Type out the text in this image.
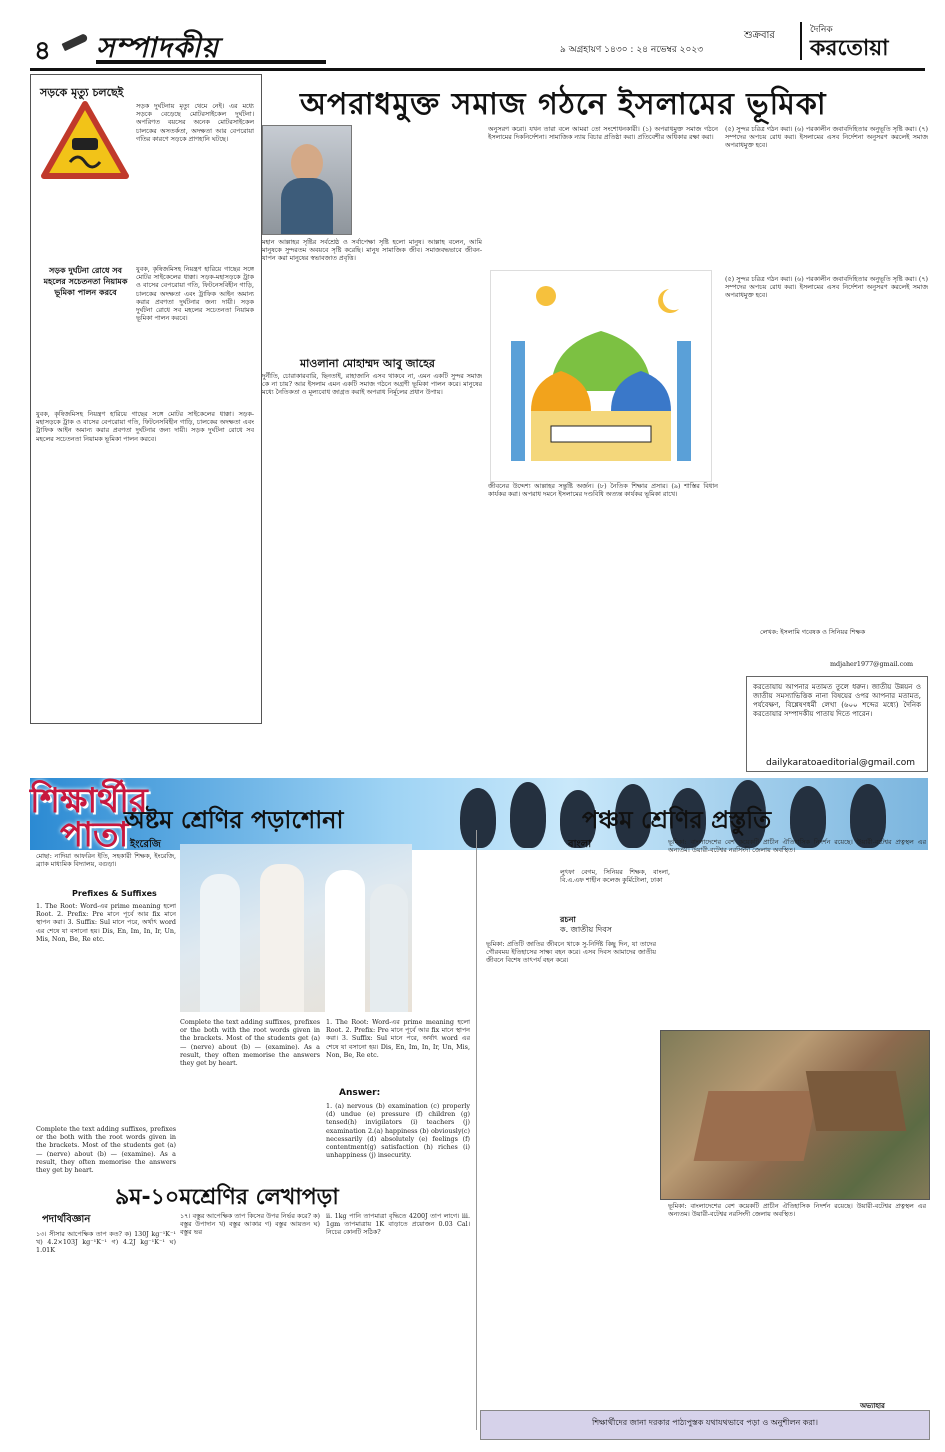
৪ সম্পাদকীয়	শুক্রবার
৯ অগ্রহায়ণ ১৪৩০ : ২৪ নভেম্বর ২০২৩
দৈনিক
করতোয়া
সড়কে মৃত্যু চলছেই
সড়ক দুর্ঘটনায় মৃত্যু থেমে নেই। এর মধ্যে সড়কে বেড়েছে মোটরসাইকেল দুর্ঘটনা। অপরিণত বয়সের অনেক মোটরসাইকেল চালকের অসতর্কতা, অদক্ষতা আর বেপরোয়া গতির কারণে সড়কে প্রাণহানি ঘটছে।
সড়ক দুর্ঘটনা রোধে সব মহলের সচেতনতা নিয়ামক ভূমিকা পালন করবে
যুবক, কৃষিজমিসহ নিয়ন্ত্রণ হারিয়ে গাছের সঙ্গে মোটর সাইকেলের ধাক্কা। সড়ক-মহাসড়কে ট্রাক ও বাসের বেপরোয়া গতি, ফিটনেসবিহীন গাড়ি, চালকের অদক্ষতা এবং ট্রাফিক আইন অমান্য করার প্রবণতা দুর্ঘটনার জন্য দায়ী। সড়ক দুর্ঘটনা রোধে সব মহলের সচেতনতা নিয়ামক ভূমিকা পালন করবে।
যুবক, কৃষিজমিসহ নিয়ন্ত্রণ হারিয়ে গাছের সঙ্গে মোটর সাইকেলের ধাক্কা। সড়ক-মহাসড়কে ট্রাক ও বাসের বেপরোয়া গতি, ফিটনেসবিহীন গাড়ি, চালকের অদক্ষতা এবং ট্রাফিক আইন অমান্য করার প্রবণতা দুর্ঘটনার জন্য দায়ী। সড়ক দুর্ঘটনা রোধে সব মহলের সচেতনতা নিয়ামক ভূমিকা পালন করবে।
অপরাধমুক্ত সমাজ গঠনে ইসলামের ভূমিকা
মহান আল্লাহর সৃষ্টির সর্বশ্রেষ্ঠ ও সর্বাপেক্ষা সৃষ্টি হলো মানুষ। আল্লাহ বলেন, আমি মানুষকে সুন্দরতম অবয়বে সৃষ্টি করেছি। মানুষ সামাজিক জীব। সমাজবদ্ধভাবে জীবন-যাপন করা মানুষের স্বভাবজাত প্রবৃত্তি।
মাওলানা মোহাম্মদ আবু জাহের
দুর্নীতি, চোরাকারবারি, ছিনতাই, রাহাজানি এসব থাকবে না, এমন একটি সুন্দর সমাজ কে না চায়? আর ইসলাম এমন একটি সমাজ গঠনে অগ্রণী ভূমিকা পালন করে। মানুষের মধ্যে নৈতিকতা ও মূল্যবোধ জাগ্রত করাই অপরাধ নির্মূলের প্রধান উপায়।
অনুসরণ করো। যখন তারা বলে আমরা তো সংশোধনকারী। (১) অপরাধমুক্ত সমাজ গঠনে ইসলামের দিকনির্দেশনা। সামাজিক ন্যায় বিচার প্রতিষ্ঠা করা। প্রতিবেশীর অধিকার রক্ষা করা।
(৫) সুন্দর চরিত্র গঠন করা। (৬) পরকালীন জবাবদিহিতার অনুভূতি সৃষ্টি করা। (৭) সম্পদের অপচয় রোধ করা। ইসলামের এসব নির্দেশনা অনুসরণ করলেই সমাজ অপরাধমুক্ত হবে।
জীবনের উদ্দেশ্য আল্লাহর সন্তুষ্টি অর্জন। (৮) নৈতিক শিক্ষার প্রসার। (৯) শাস্তির বিধান কার্যকর করা। অপরাধ দমনে ইসলামের দণ্ডবিধি অত্যন্ত কার্যকর ভূমিকা রাখে।
(৫) সুন্দর চরিত্র গঠন করা। (৬) পরকালীন জবাবদিহিতার অনুভূতি সৃষ্টি করা। (৭) সম্পদের অপচয় রোধ করা। ইসলামের এসব নির্দেশনা অনুসরণ করলেই সমাজ অপরাধমুক্ত হবে।
লেখক: ইসলামি গবেষক ও সিনিয়র শিক্ষক
mdjaher1977@gmail.com
করতোয়ায় আপনার মতামত তুলে ধরুন। জাতীয় উন্নয়ন ও জাতীয় সমস্যাভিত্তিক নানা বিষয়ের ওপর আপনার মতামত, পর্যবেক্ষণ, বিশ্লেষণধর্মী লেখা (৬০০ শব্দের মধ্যে) দৈনিক করতোয়ার সম্পাদকীয় পাতায় দিতে পারেন।
dailykaratoaeditorial@gmail.com
শিক্ষার্থীর
পাতা
অষ্টম শ্রেণির পড়াশোনা
ইংরেজি
মোছা: নাদিয়া আফরিন ইতি, সহকারী শিক্ষক, ইংরেজি, ব্র্যাক মাধ্যমিক বিদ্যালয়, বগুড়া।
Prefixes & Suffixes
1. The Root: Word-এর prime meaning হলো Root. 2. Prefix: Pre মানে পূর্বে আর fix মানে স্থাপন করা। 3. Suffix: Sul মানে পরে, অর্থাৎ word এর শেষে যা বসানো হয়। Dis, En, Im, In, Ir, Un, Mis, Non, Be, Re etc.
Complete the text adding suffixes, prefixes or the both with the root words given in the brackets. Most of the students get (a) — (nerve) about (b) — (examine). As a result, they often memorise the answers they get by heart.
Complete the text adding suffixes, prefixes or the both with the root words given in the brackets. Most of the students get (a) — (nerve) about (b) — (examine). As a result, they often memorise the answers they get by heart.
1. The Root: Word-এর prime meaning হলো Root. 2. Prefix: Pre মানে পূর্বে আর fix মানে স্থাপন করা। 3. Suffix: Sul মানে পরে, অর্থাৎ word এর শেষে যা বসানো হয়। Dis, En, Im, In, Ir, Un, Mis, Non, Be, Re etc.
Answer:
1. (a) nervous (b) examination (c) properly (d) undue (e) pressure (f) children (g) tensed(h) invigilators (i) teachers (j) examination 2.(a) happiness (b) obviously(c) necessarily (d) absolutely (e) feelings (f) contentment(g) satisfaction (h) riches (i) unhappiness (j) insecurity.
৯ম-১০মশ্রেণির লেখাপড়া
পদার্থবিজ্ঞান
১৩। সীসার আপেক্ষিক তাপ কত? ক) 130J kg⁻¹K⁻¹ খ) 4.2×103J kg⁻¹K⁻¹ গ) 4.2J kg⁻¹K⁻¹ ঘ) 1.01K
১৭। বস্তুর আপেক্ষিক তাপ কিসের উপর নির্ভর করে? ক) বস্তুর উপাদান খ) বস্তুর আকার গ) বস্তুর আয়তন ঘ) বস্তুর ভর
ii. 1kg পানি তাপমাত্রা বৃদ্ধিতে 4200J তাপ লাগে। iii. 1gm তাপমাত্রায় 1K বাড়াতে প্রয়োজন 0.03 Cal। নিচের কোনটি সঠিক?
পঞ্চম শ্রেণির প্রস্তুতি
বাংলা
লুৎফা বেগম, সিনিয়র শিক্ষক, বাংলা, বি.এ.এফ শাহীন কলেজ কুর্মিটোলা, ঢাকা
রচনা
ক. জাতীয় দিবস
ভূমিকা: প্রতিটি জাতির জীবনে থাকে সু-নির্দিষ্ট কিছু দিন, যা তাদের গৌরবময় ইতিহাসের সাক্ষ্য বহন করে। এসব দিবস আমাদের জাতীয় জীবনে বিশেষ তাৎপর্য বহন করে।
ভূমিকা: বাংলাদেশের বেশ কয়েকটি প্রাচীন ঐতিহাসিক নিদর্শন রয়েছে। উয়ারী-বটেশ্বর প্রত্নস্থল এর অন্যতম। উয়ারী-বটেশ্বর নরসিংদী জেলায় অবস্থিত।
ভূমিকা: বাংলাদেশের বেশ কয়েকটি প্রাচীন ঐতিহাসিক নিদর্শন রয়েছে। উয়ারী-বটেশ্বর প্রত্নস্থল এর অন্যতম। উয়ারী-বটেশ্বর নরসিংদী জেলায় অবস্থিত।
অভ্যাহার
শিক্ষার্থীদের জানা দরকার পাঠ্যপুস্তক যথাযথভাবে পড়া ও অনুশীলন করা।
